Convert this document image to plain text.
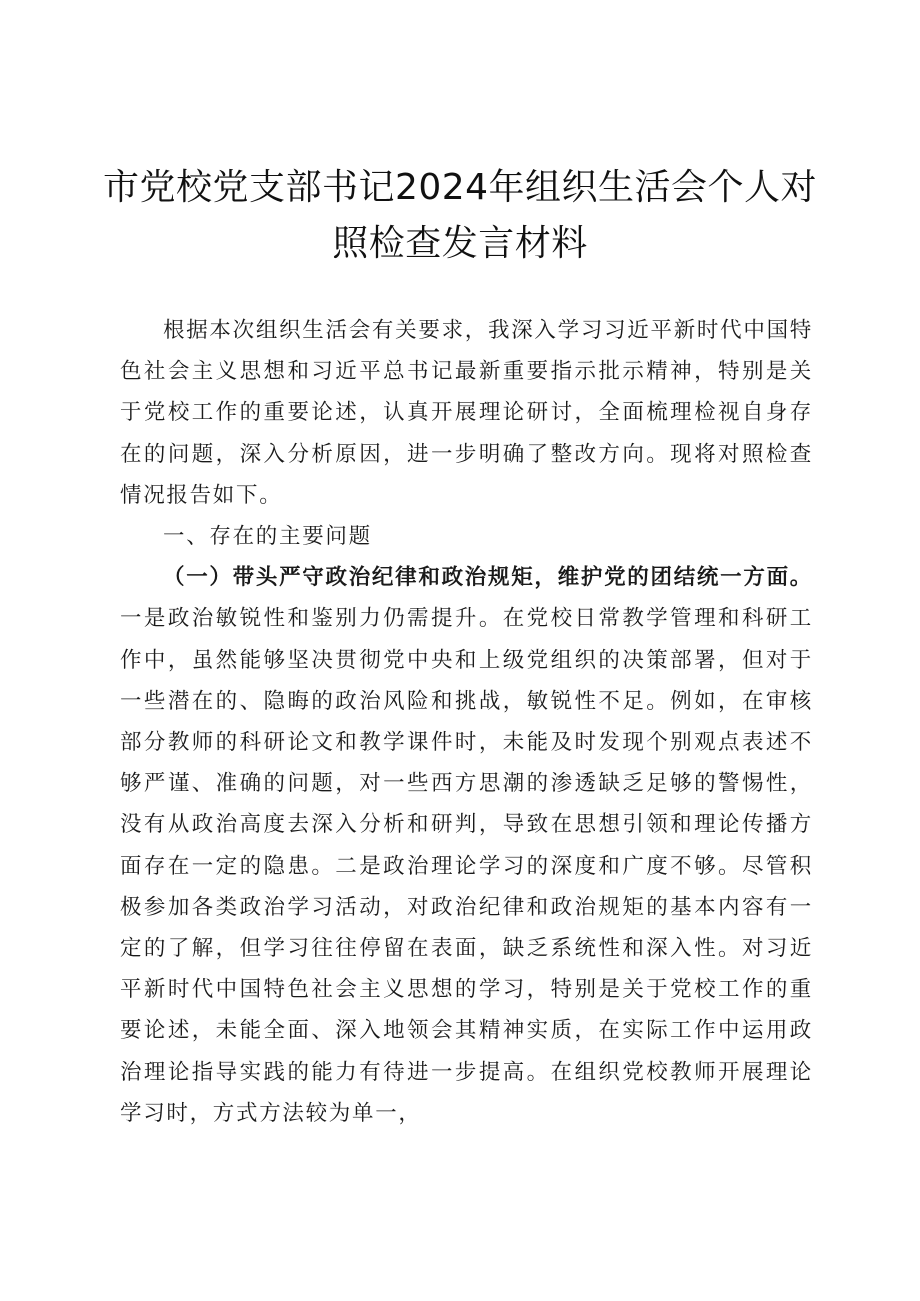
市党校党支部书记2024年组织生活会个人对
照检查发言材料

根据本次组织生活会有关要求，我深入学习习近平新时代中国特色社会主义思想和习近平总书记最新重要指示批示精神，特别是关于党校工作的重要论述，认真开展理论研讨，全面梳理检视自身存在的问题，深入分析原因，进一步明确了整改方向。现将对照检查情况报告如下。

一、存在的主要问题

（一）带头严守政治纪律和政治规矩，维护党的团结统一方面。一是政治敏锐性和鉴别力仍需提升。在党校日常教学管理和科研工作中，虽然能够坚决贯彻党中央和上级党组织的决策部署，但对于一些潜在的、隐晦的政治风险和挑战，敏锐性不足。例如，在审核部分教师的科研论文和教学课件时，未能及时发现个别观点表述不够严谨、准确的问题，对一些西方思潮的渗透缺乏足够的警惕性，没有从政治高度去深入分析和研判，导致在思想引领和理论传播方面存在一定的隐患。二是政治理论学习的深度和广度不够。尽管积极参加各类政治学习活动，对政治纪律和政治规矩的基本内容有一定的了解，但学习往往停留在表面，缺乏系统性和深入性。对习近平新时代中国特色社会主义思想的学习，特别是关于党校工作的重要论述，未能全面、深入地领会其精神实质，在实际工作中运用政治理论指导实践的能力有待进一步提高。在组织党校教师开展理论学习时，方式方法较为单一，
